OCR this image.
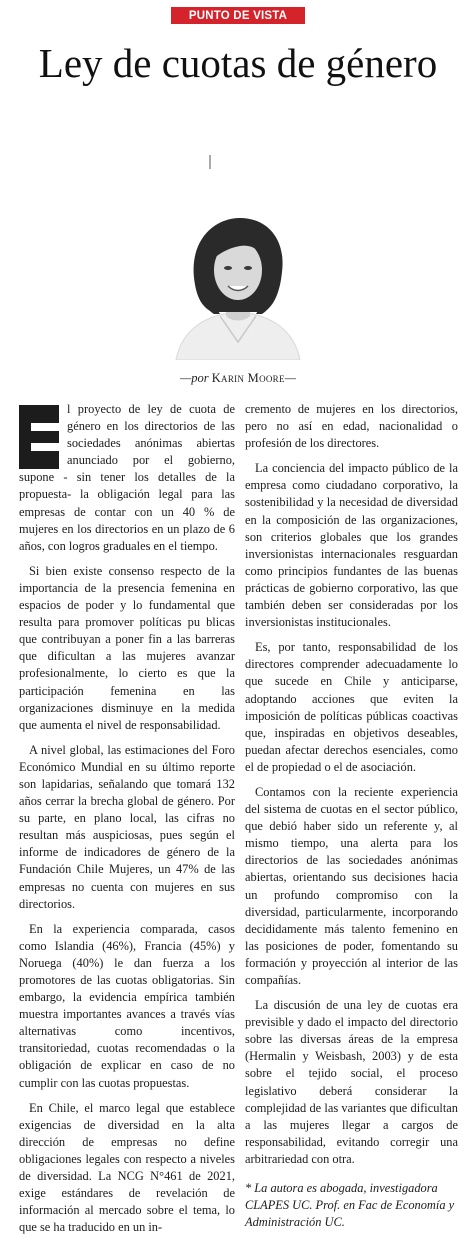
PUNTO DE VISTA
Ley de cuotas de género
—por Karin Moore—

l proyecto de ley de cuota de género en los directorios de las sociedades anónimas abiertas anunciado por el gobierno, supone - sin tener los detalles de la propuesta- la obligación legal para las empresas de contar con un 40 % de mujeres en los directorios en un plazo de 6 años, con logros graduales en el tiempo.

Si bien existe consenso respecto de la importancia de la presencia femenina en espacios de poder y lo fundamental que resulta para promover políticas pu blicas que contribuyan a poner fin a las barreras que dificultan a las mujeres avanzar profesionalmente, lo cierto es que la participación femenina en las organizaciones disminuye en la medida que aumenta el nivel de responsabilidad.

A nivel global, las estimaciones del Foro Económico Mundial en su último reporte son lapidarias, señalando que tomará 132 años cerrar la brecha global de género. Por su parte, en plano local, las cifras no resultan más auspiciosas, pues según el informe de indicadores de género de la Fundación Chile Mujeres, un 47% de las empresas no cuenta con mujeres en sus directorios.

En la experiencia comparada, casos como Islandia (46%), Francia (45%) y Noruega (40%) le dan fuerza a los promotores de las cuotas obligatorias. Sin embargo, la evidencia empírica también muestra importantes avances a través vías alternativas como incentivos, transitoriedad, cuotas recomendadas o la obligación de explicar en caso de no cumplir con las cuotas propuestas.

En Chile, el marco legal que establece exigencias de diversidad en la alta dirección de empresas no define obligaciones legales con respecto a niveles de diversidad. La NCG N°461 de 2021, exige estándares de revelación de información al mercado sobre el tema, lo que se ha traducido en un in-

cremento de mujeres en los directorios, pero no así en edad, nacionalidad o profesión de los directores.

La conciencia del impacto público de la empresa como ciudadano corporativo, la sostenibilidad y la necesidad de diversidad en la composición de las organizaciones, son criterios globales que los grandes inversionistas internacionales resguardan como principios fundantes de las buenas prácticas de gobierno corporativo, las que también deben ser consideradas por los inversionistas institucionales.

Es, por tanto, responsabilidad de los directores comprender adecuadamente lo que sucede en Chile y anticiparse, adoptando acciones que eviten la imposición de políticas públicas coactivas que, inspiradas en objetivos deseables, puedan afectar derechos esenciales, como el de propiedad o el de asociación.

Contamos con la reciente experiencia del sistema de cuotas en el sector público, que debió haber sido un referente y, al mismo tiempo, una alerta para los directorios de las sociedades anónimas abiertas, orientando sus decisiones hacia un profundo compromiso con la diversidad, particularmente, incorporando decididamente más talento femenino en las posiciones de poder, fomentando su formación y proyección al interior de las compañías.

La discusión de una ley de cuotas era previsible y dado el impacto del directorio sobre las diversas áreas de la empresa (Hermalin y Weisbash, 2003) y de esta sobre el tejido social, el proceso legislativo deberá considerar la complejidad de las variantes que dificultan a las mujeres llegar a cargos de responsabilidad, evitando corregir una arbitrariedad con otra.

* La autora es abogada, investigadora CLAPES UC. Prof. en Fac de Economía y Administración UC.
